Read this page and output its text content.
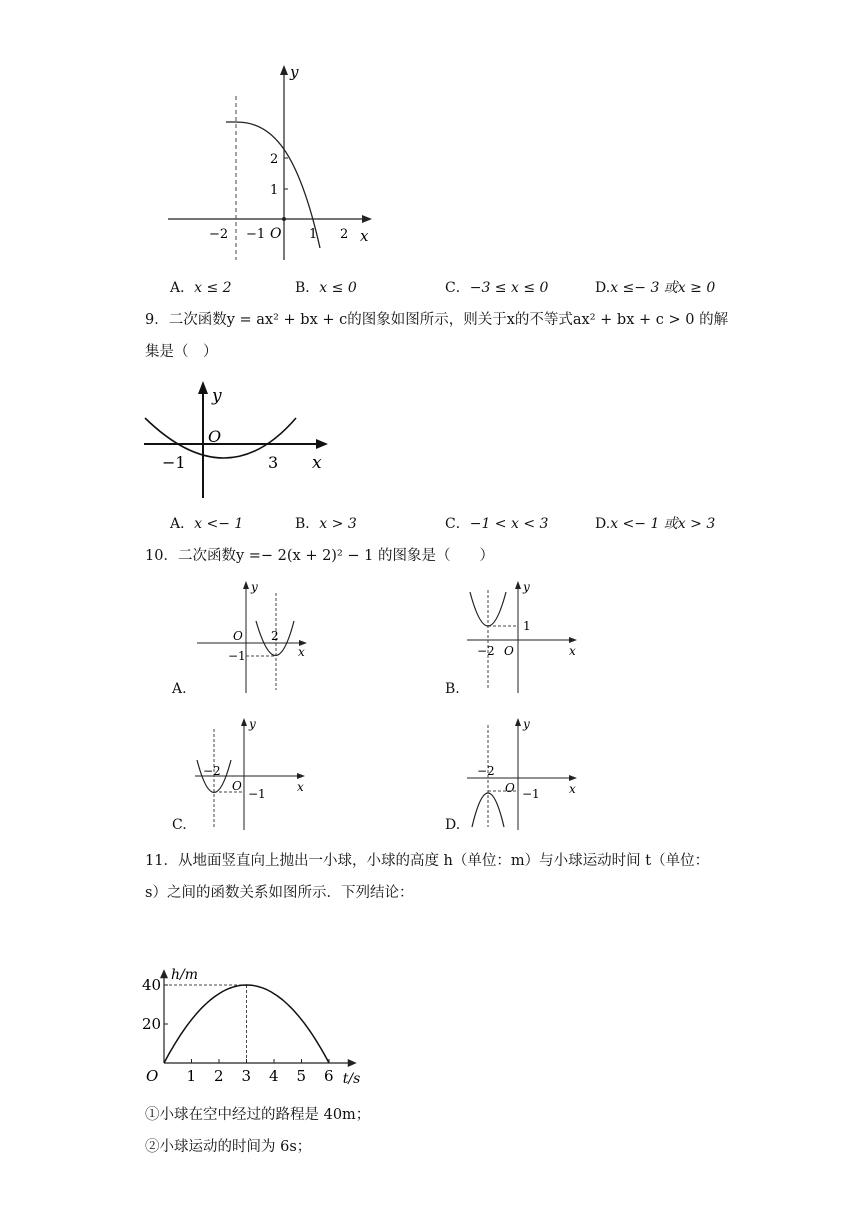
y
x
2
1
−2 −1 O 1 2
A．x ≤ 2	B．x ≤ 0	C．−3 ≤ x ≤ 0	D.x ≤− 3 或x ≥ 0
9．二次函数y = ax² + bx + c的图象如图所示，则关于x的不等式ax² + bx + c > 0 的解
集是（　）
y
O
−1	3 x
A．x <− 1	B．x > 3	C．−1 < x < 3	D.x <− 1 或x > 3
10．二次函数y =− 2(x + 2)² − 1 的图象是（　　）
y
O 2
−1	x
A.
y
1
−2 O	x
B.
y
−2
O
−1	x
C.
y
−2
O −1 x
D.
11．从地面竖直向上抛出一小球，小球的高度 h（单位：m）与小球运动时间 t（单位：
s）之间的函数关系如图所示．下列结论：
1 2 3 4 5 6
20
40
O	t/s
h/m
①小球在空中经过的路程是 40m；
②小球运动的时间为 6s；
